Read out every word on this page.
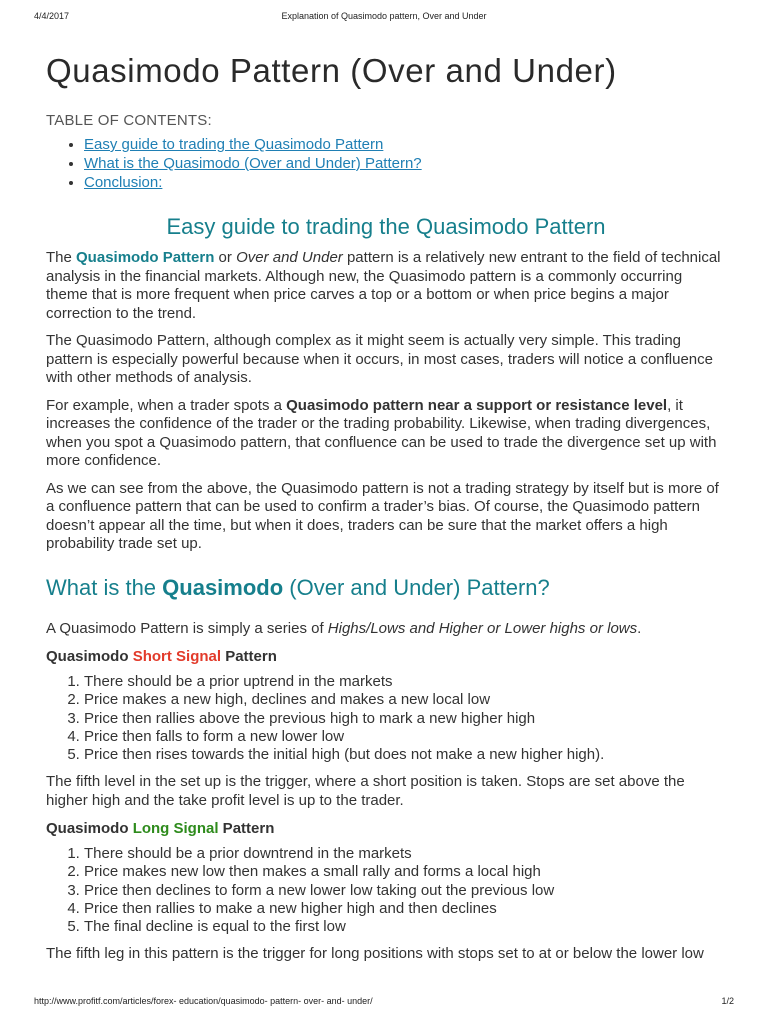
4/4/2017	Explanation of Quasimodo pattern, Over and Under
Quasimodo Pattern (Over and Under)
TABLE OF CONTENTS:
• Easy guide to trading the Quasimodo Pattern
• What is the Quasimodo (Over and Under) Pattern?
• Conclusion:
Easy guide to trading the Quasimodo Pattern

The Quasimodo Pattern or Over and Under pattern is a relatively new entrant to the field of technical analysis in the financial markets. Although new, the Quasimodo pattern is a commonly occurring theme that is more frequent when price carves a top or a bottom or when price begins a major correction to the trend.

The Quasimodo Pattern, although complex as it might seem is actually very simple. This trading pattern is especially powerful because when it occurs, in most cases, traders will notice a confluence with other methods of analysis.

For example, when a trader spots a Quasimodo pattern near a support or resistance level, it increases the confidence of the trader or the trading probability. Likewise, when trading divergences, when you spot a Quasimodo pattern, that confluence can be used to trade the divergence set up with more confidence.

As we can see from the above, the Quasimodo pattern is not a trading strategy by itself but is more of a confluence pattern that can be used to confirm a trader’s bias. Of course, the Quasimodo pattern doesn’t appear all the time, but when it does, traders can be sure that the market offers a high probability trade set up.

What is the Quasimodo (Over and Under) Pattern?

A Quasimodo Pattern is simply a series of Highs/Lows and Higher or Lower highs or lows.

Quasimodo Short Signal Pattern
1. There should be a prior uptrend in the markets
2. Price makes a new high, declines and makes a new local low
3. Price then rallies above the previous high to mark a new higher high
4. Price then falls to form a new lower low
5. Price then rises towards the initial high (but does not make a new higher high).

The fifth level in the set up is the trigger, where a short position is taken. Stops are set above the higher high and the take profit level is up to the trader.

Quasimodo Long Signal Pattern
1. There should be a prior downtrend in the markets
2. Price makes new low then makes a small rally and forms a local high
3. Price then declines to form a new lower low taking out the previous low
4. Price then rallies to make a new higher high and then declines
5. The final decline is equal to the first low

The fifth leg in this pattern is the trigger for long positions with stops set to at or below the lower low

http://www.profitf.com/articles/forex- education/quasimodo- pattern- over- and- under/	1/2
